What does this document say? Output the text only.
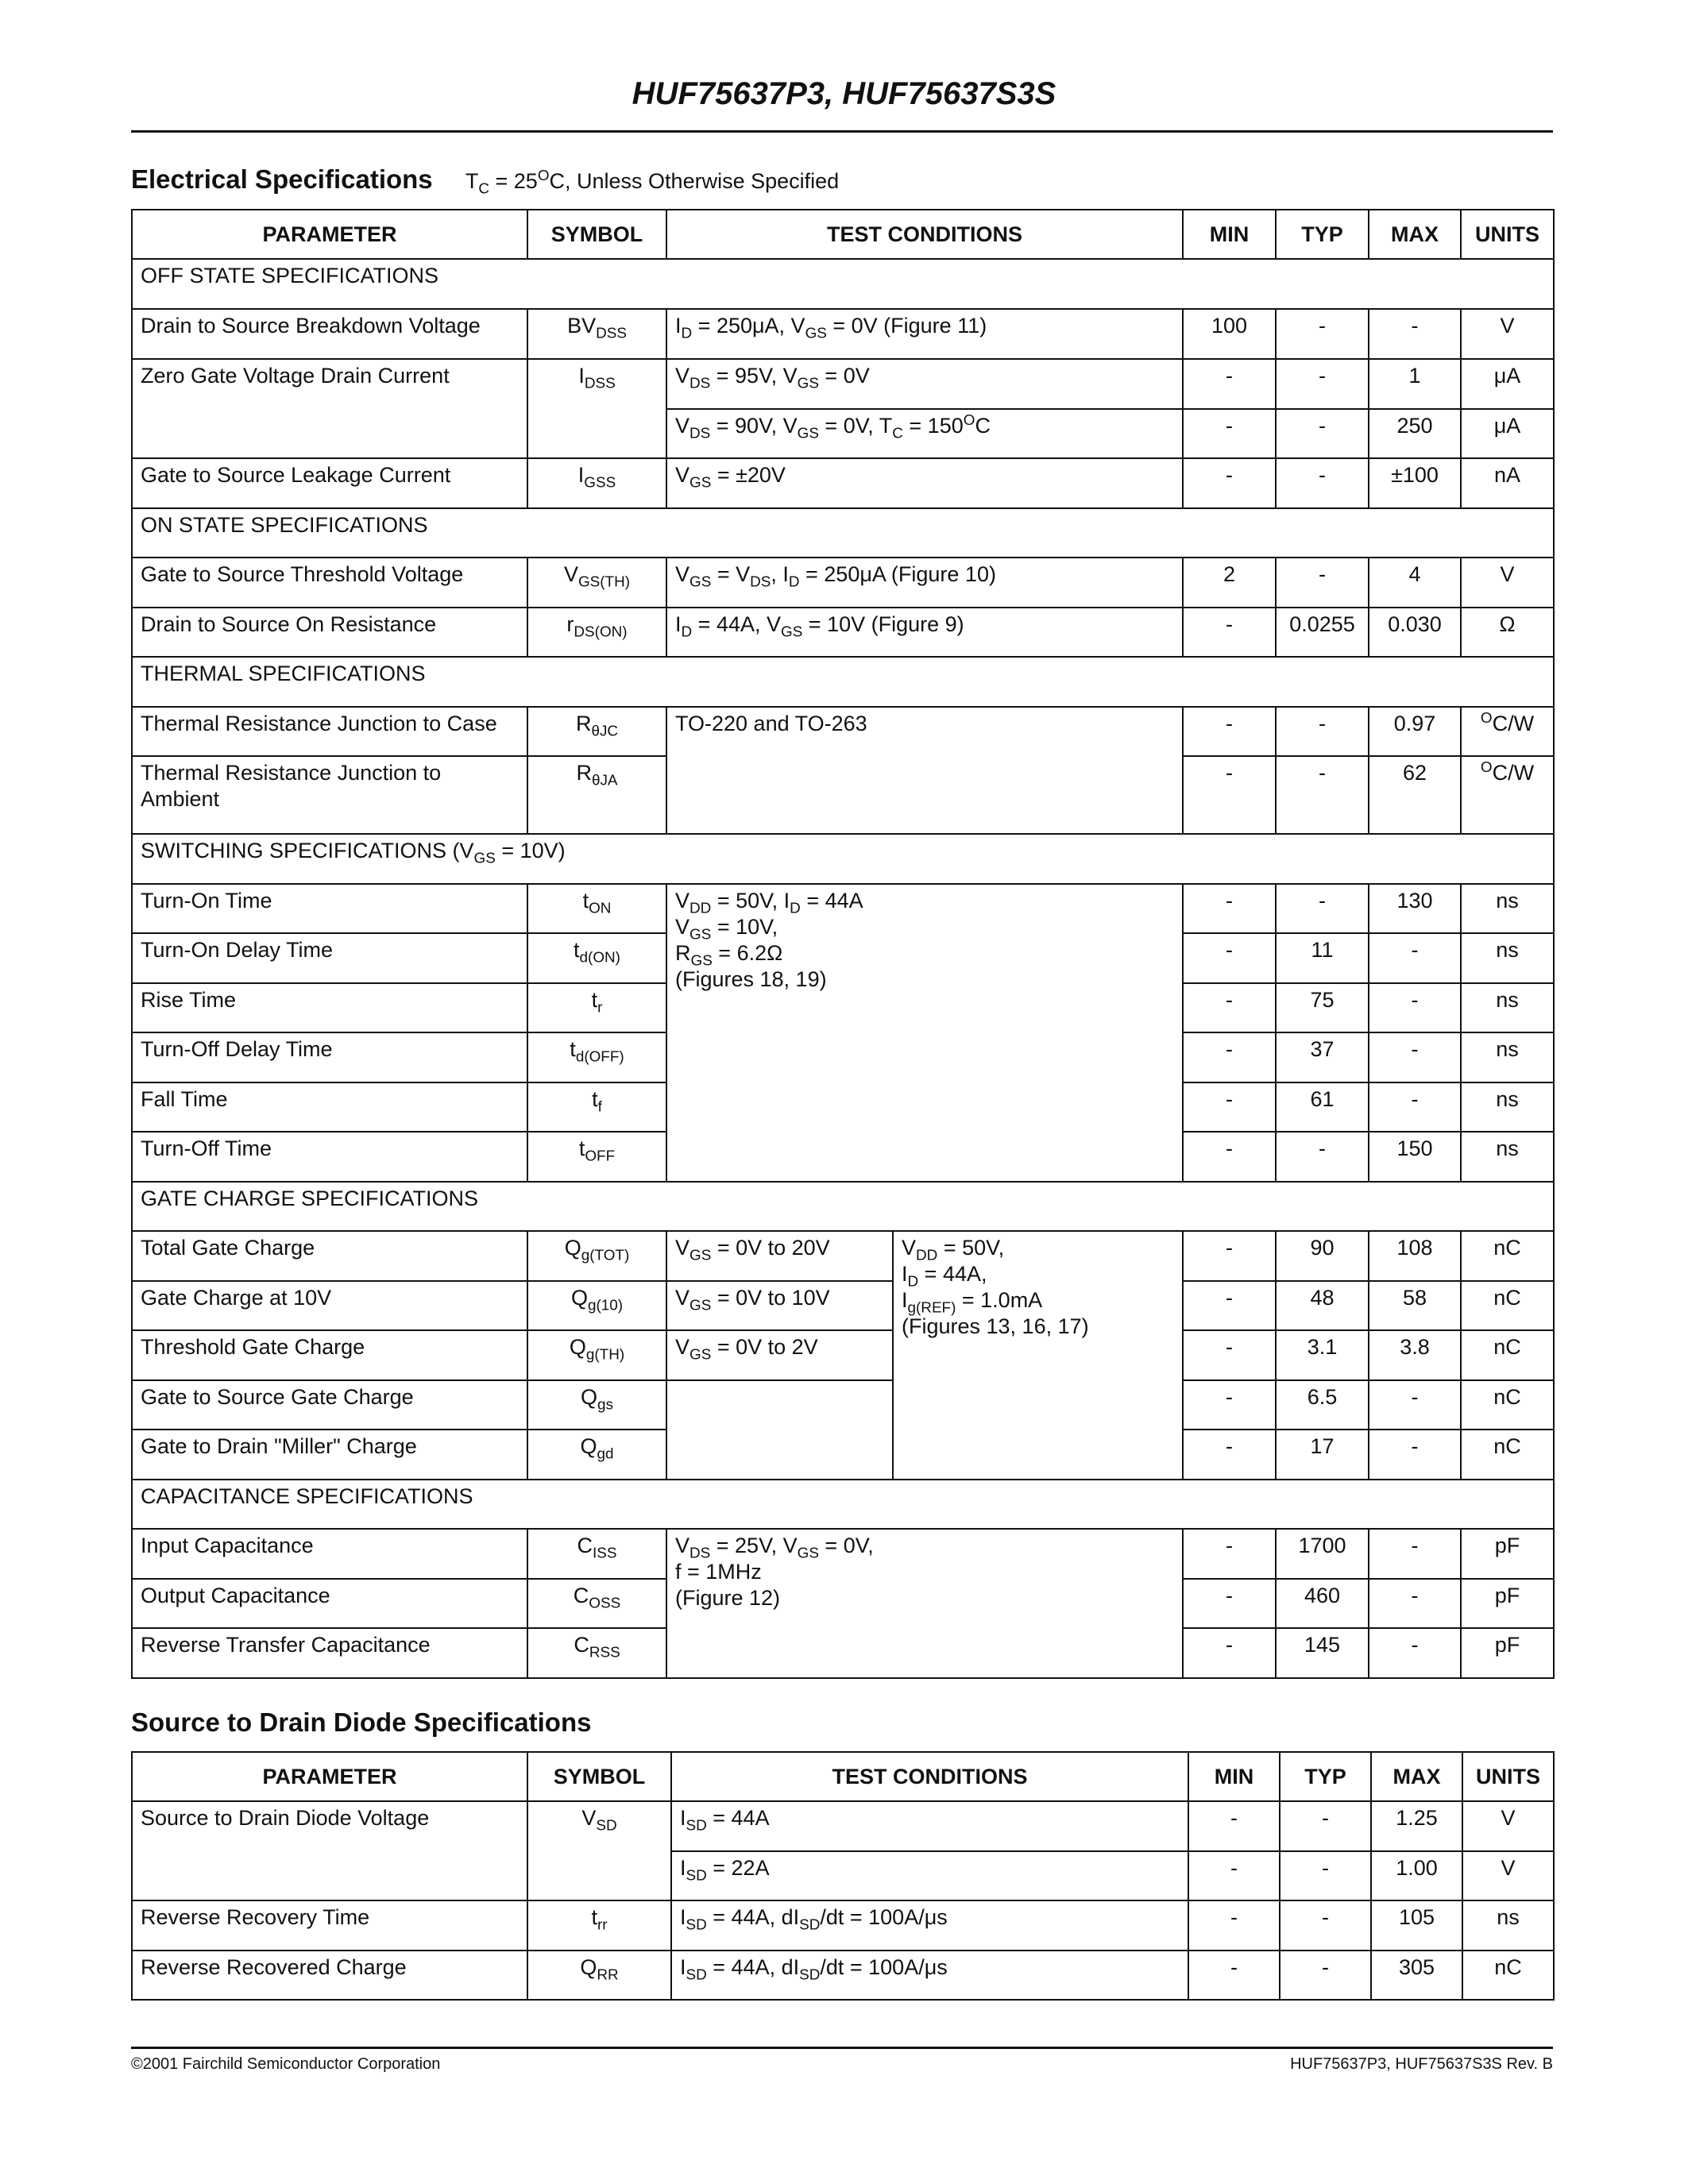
HUF75637P3, HUF75637S3S
Electrical Specifications $T_C = 25^OC$, Unless Otherwise Specified
PARAMETER	SYMBOL	TEST CONDITIONS		MIN	TYP	MAX	UNITS
OFF STATE SPECIFICATIONS							
Drain to Source Breakdown Voltage	$BV_{DSS}$	$I_D = 250\mu A$, $V_{GS} = 0V$ (Figure 11)		100	-	-	V
Zero Gate Voltage Drain Current	$I_{DSS}$	$V_{DS} = 95V$, $V_{GS} = 0V$		-	-	1	μA
		$V_{DS} = 90V$, $V_{GS} = 0V$, $T_C = 150^OC$		-	-	250	μA
Gate to Source Leakage Current	$I_{GSS}$	$V_{GS} = \pm 20V$		-	-	±100	nA
ON STATE SPECIFICATIONS							
Gate to Source Threshold Voltage	$V_{GS(TH)}$	$V_{GS} = V_{DS}$, $I_D = 250\mu A$ (Figure 10)		2	-	4	V
Drain to Source On Resistance	$r_{DS(ON)}$	$I_D = 44A$, $V_{GS} = 10V$ (Figure 9)		-	0.0255	0.030	Ω
THERMAL SPECIFICATIONS							
Thermal Resistance Junction to Case	$R_{\theta JC}$	TO-220 and TO-263		-	-	0.97	$^O$C/W
Thermal Resistance Junction to Ambient	$R_{\theta JA}$			-	-	62	$^O$C/W
SWITCHING SPECIFICATIONS $(V_{GS} = 10V)$							
Turn-On Time	$t_{ON}$	$V_{DD} = 50V$, $I_D = 44A$
$V_{GS} = 10V$,
$R_{GS} = 6.2\Omega$
(Figures 18, 19)		-	-	130	ns
Turn-On Delay Time	$t_{d(ON)}$			-	11	-	ns
Rise Time	$t_r$			-	75	-	ns
Turn-Off Delay Time	$t_{d(OFF)}$			-	37	-	ns
Fall Time	$t_f$			-	61	-	ns
Turn-Off Time	$t_{OFF}$			-	-	150	ns
GATE CHARGE SPECIFICATIONS							
Total Gate Charge	$Q_{g(TOT)}$	$V_{GS} = 0V$ to 20V	$V_{DD} = 50V$,
$I_D = 44A$,
$I_{g(REF)} = 1.0mA$
(Figures 13, 16, 17)	-	90	108	nC
Gate Charge at 10V	$Q_{g(10)}$	$V_{GS} = 0V$ to 10V		-	48	58	nC
Threshold Gate Charge	$Q_{g(TH)}$	$V_{GS} = 0V$ to 2V		-	3.1	3.8	nC
Gate to Source Gate Charge	$Q_{gs}$			-	6.5	-	nC
Gate to Drain "Miller" Charge	$Q_{gd}$			-	17	-	nC
CAPACITANCE SPECIFICATIONS							
Input Capacitance	$C_{ISS}$	$V_{DS} = 25V$, $V_{GS} = 0V$,
f = 1MHz
(Figure 12)		-	1700	-	pF
Output Capacitance	$C_{OSS}$			-	460	-	pF
Reverse Transfer Capacitance	$C_{RSS}$			-	145	-	pF
Source to Drain Diode Specifications
PARAMETER	SYMBOL	TEST CONDITIONS	MIN	TYP	MAX	UNITS
Source to Drain Diode Voltage	$V_{SD}$	$I_{SD} = 44A$	-	-	1.25	V
		$I_{SD} = 22A$	-	-	1.00	V
Reverse Recovery Time	$t_{rr}$	$I_{SD} = 44A$, $dI_{SD}/dt = 100A/\mu s$	-	-	105	ns
Reverse Recovered Charge	$Q_{RR}$	$I_{SD} = 44A$, $dI_{SD}/dt = 100A/\mu s$	-	-	305	nC
©2001 Fairchild Semiconductor Corporation	HUF75637P3, HUF75637S3S Rev. B
